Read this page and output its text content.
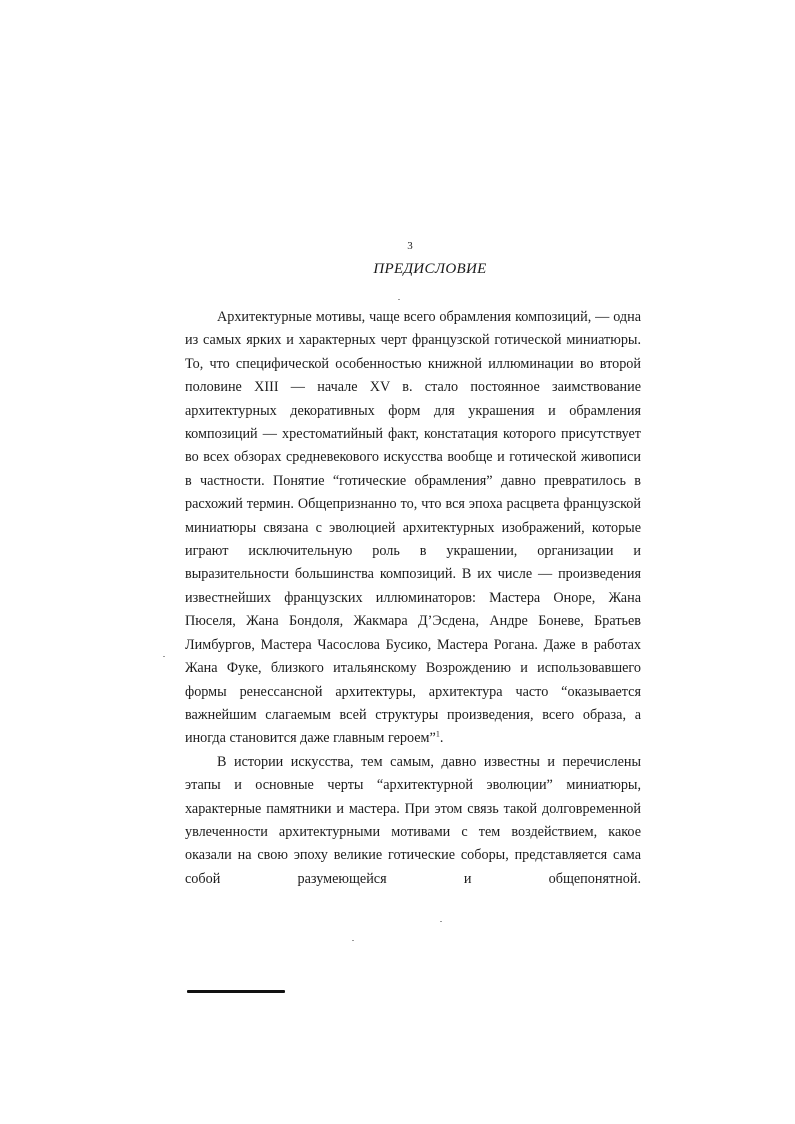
3
ПРЕДИСЛОВИЕ

Архитектурные мотивы, чаще всего обрамления композиций, — одна из самых ярких и характерных черт французской готической миниатюры. То, что специфической особенностью книжной иллюминации во второй половине XIII — начале XV в. стало постоянное заимствование архитектурных декоративных форм для украшения и обрамления композиций — хрестоматийный факт, констатация которого присутствует во всех обзорах средневекового искусства вообще и готической живописи в частности. Понятие “готические обрамления” давно превратилось в расхожий термин. Общепризнанно то, что вся эпоха расцвета французской миниатюры связана с эволюцией архитектурных изображений, которые играют исключительную роль в украшении, организации и выразительности большинства композиций. В их числе — произведения известнейших французских иллюминаторов: Мастера Оноре, Жана Пюселя, Жана Бондоля, Жакмара Д’Эсдена, Андре Боневе, Братьев Лимбургов, Мастера Часослова Бусико, Мастера Рогана. Даже в работах Жана Фуке, близкого итальянскому Возрождению и использовавшего формы ренессансной архитектуры, архитектура часто “оказывается важнейшим слагаемым всей структуры произведения, всего образа, а иногда становится даже главным героем”$^1$.

В истории искусства, тем самым, давно известны и перечислены этапы и основные черты “архитектурной эволюции” миниатюры, характерные памятники и мастера. При этом связь такой долговременной увлеченности архитектурными мотивами с тем воздействием, какое оказали на свою эпоху великие готические соборы, представляется сама собой разумеющейся и общепонятной.
